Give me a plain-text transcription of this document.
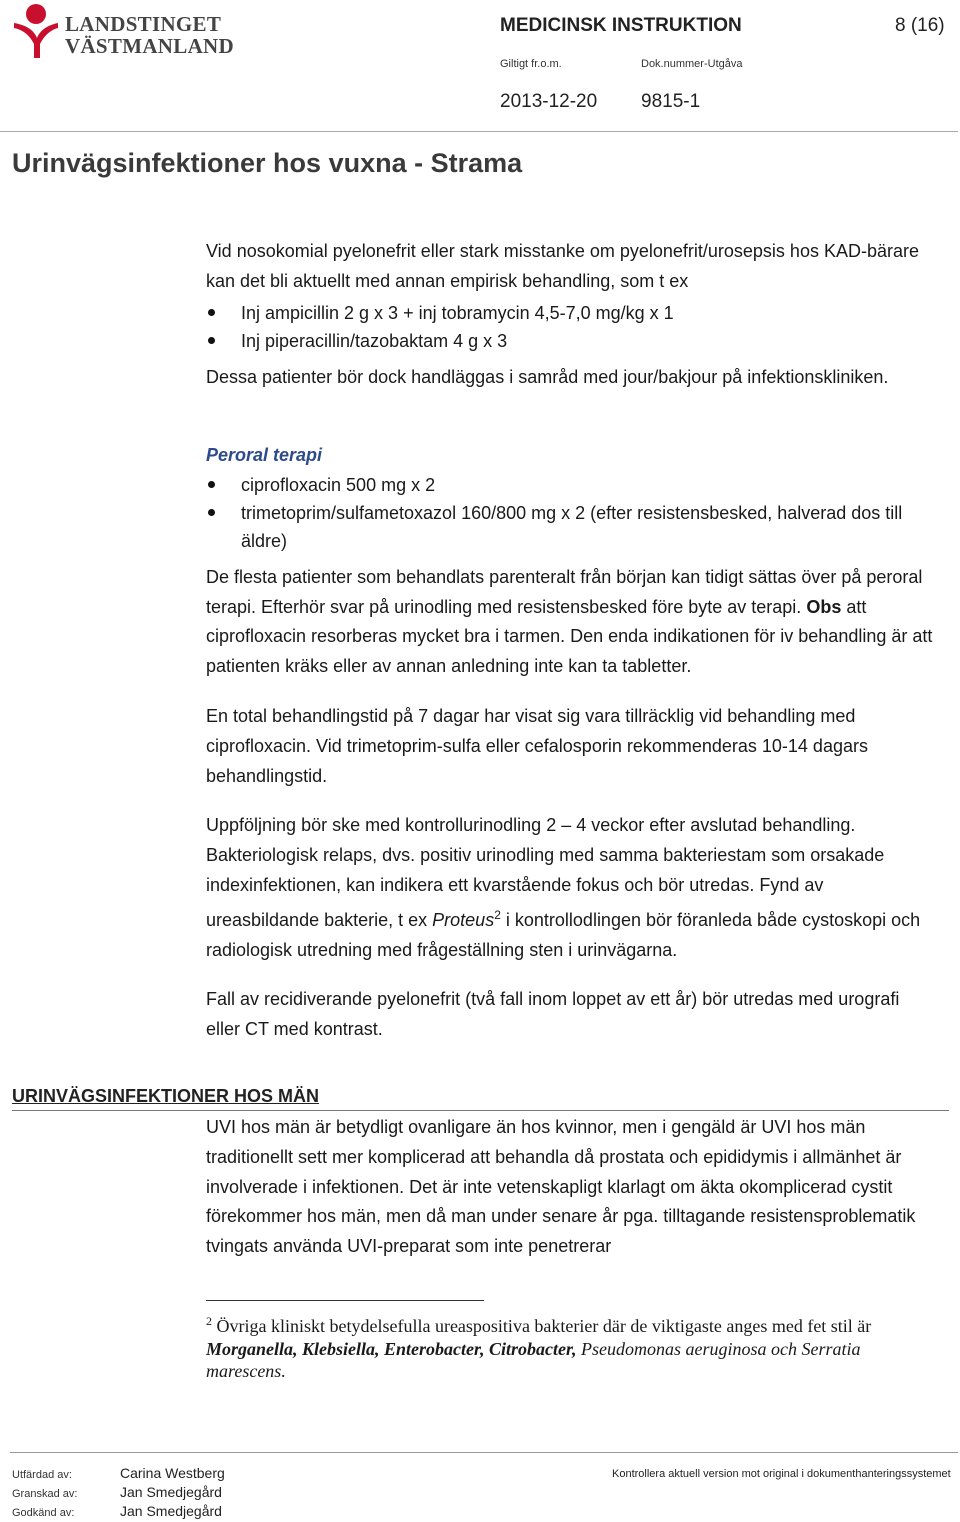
LANDSTINGET
VÄSTMANLAND
MEDICINSK INSTRUKTION	8 (16)
Giltigt fr.o.m.	Dok.nummer-Utgåva
2013-12-20 9815-1
Urinvägsinfektioner hos vuxna - Strama

Vid nosokomial pyelonefrit eller stark misstanke om pyelonefrit/urosepsis hos KAD-bärare kan det bli aktuellt med annan empirisk behandling, som t ex

Inj ampicillin 2 g x 3 + inj tobramycin 4,5-7,0 mg/kg x 1
Inj piperacillin/tazobaktam 4 g x 3

Dessa patienter bör dock handläggas i samråd med jour/bakjour på infektionskliniken.

Peroral terapi
ciprofloxacin 500 mg x 2
trimetoprim/sulfametoxazol 160/800 mg x 2 (efter resistensbesked, halverad dos till äldre)

De flesta patienter som behandlats parenteralt från början kan tidigt sättas över på peroral terapi. Efterhör svar på urinodling med resistensbesked före byte av terapi. Obs att ciprofloxacin resorberas mycket bra i tarmen. Den enda indikationen för iv behandling är att patienten kräks eller av annan anledning inte kan ta tabletter.

En total behandlingstid på 7 dagar har visat sig vara tillräcklig vid behandling med ciprofloxacin. Vid trimetoprim-sulfa eller cefalosporin rekommenderas 10-14 dagars behandlingstid.

Uppföljning bör ske med kontrollurinodling 2 – 4 veckor efter avslutad behandling. Bakteriologisk relaps, dvs. positiv urinodling med samma bakteriestam som orsakade indexinfektionen, kan indikera ett kvarstående fokus och bör utredas. Fynd av ureasbildande bakterie, t ex Proteus$^2$ i kontrollodlingen bör föranleda både cystoskopi och radiologisk utredning med frågeställning sten i urinvägarna.

Fall av recidiverande pyelonefrit (två fall inom loppet av ett år) bör utredas med urografi eller CT med kontrast.

URINVÄGSINFEKTIONER HOS MÄN
UVI hos män är betydligt ovanligare än hos kvinnor, men i gengäld är UVI hos män traditionellt sett mer komplicerad att behandla då prostata och epididymis i allmänhet är involverade i infektionen. Det är inte vetenskapligt klarlagt om äkta okomplicerad cystit förekommer hos män, men då man under senare år pga. tilltagande resistensproblematik tvingats använda UVI-preparat som inte penetrerar
$^2$ Övriga kliniskt betydelsefulla ureaspositiva bakterier där de viktigaste anges med fet stil är Morganella, Klebsiella, Enterobacter, Citrobacter, Pseudomonas aeruginosa och Serratia marescens.
Utfärdad av:	Carina Westberg
Granskad av:	Jan Smedjegård
Godkänd av:	Jan Smedjegård
Kontrollera aktuell version mot original i dokumenthanteringssystemet
